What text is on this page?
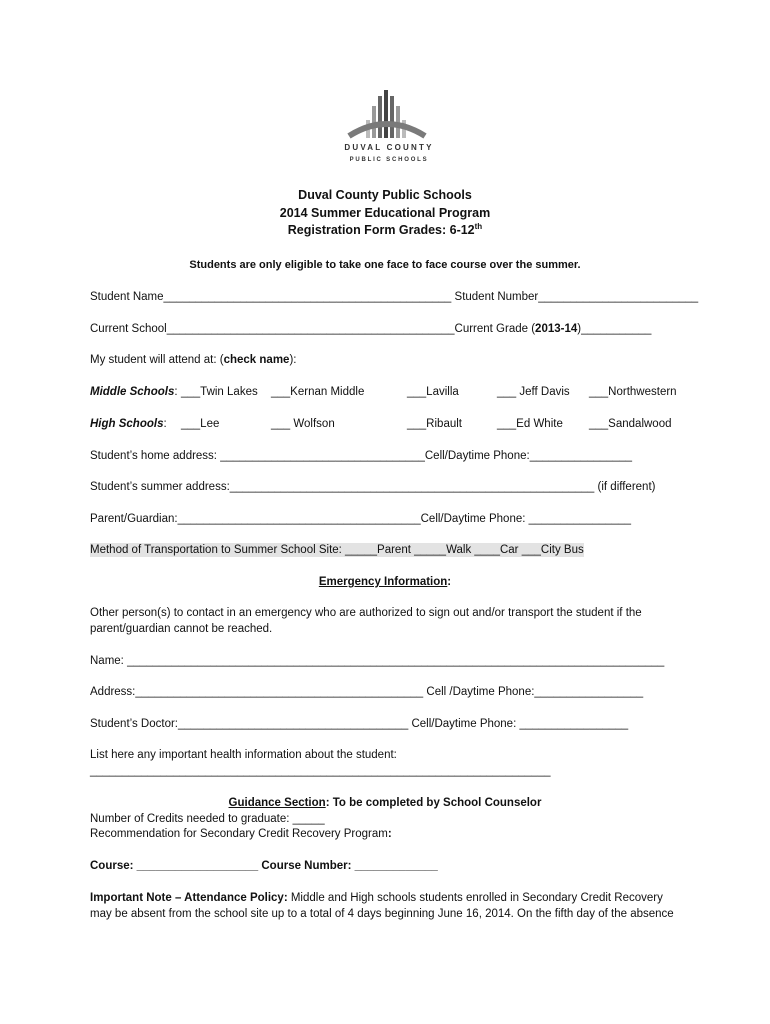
DUVAL COUNTY
PUBLIC SCHOOLS
Duval County Public Schools
2014 Summer Educational Program
Registration Form Grades: 6-12th
Students are only eligible to take one face to face course over the summer.
Student Name_____________________________________________ Student Number_________________________
Current School_____________________________________________Current Grade (2013-14)___________
My student will attend at: (check name):
Middle Schools: ___Twin Lakes ___Kernan Middle	___Lavilla	___ Jeff Davis ___Northwestern
High Schools: ___Lee	___ Wolfson	___Ribault	___Ed White ___Sandalwood
Student’s home address: ________________________________Cell/Daytime Phone:________________
Student’s summer address:_________________________________________________________ (if different)
Parent/Guardian:______________________________________Cell/Daytime Phone: ________________
Method of Transportation to Summer School Site: _____Parent _____Walk ____Car ___City Bus
Emergency Information:
Other person(s) to contact in an emergency who are authorized to sign out and/or transport the student if the
parent/guardian cannot be reached.
Name: ____________________________________________________________________________________
Address:_____________________________________________ Cell /Daytime Phone:_________________
Student’s Doctor:____________________________________ Cell/Daytime Phone: _________________
List here any important health information about the student:
________________________________________________________________________
Guidance Section: To be completed by School Counselor
Number of Credits needed to graduate: _____
Recommendation for Secondary Credit Recovery Program:
Course: ___________________ Course Number: _____________
Important Note – Attendance Policy: Middle and High schools students enrolled in Secondary Credit Recovery
may be absent from the school site up to a total of 4 days beginning June 16, 2014. On the fifth day of the absence
